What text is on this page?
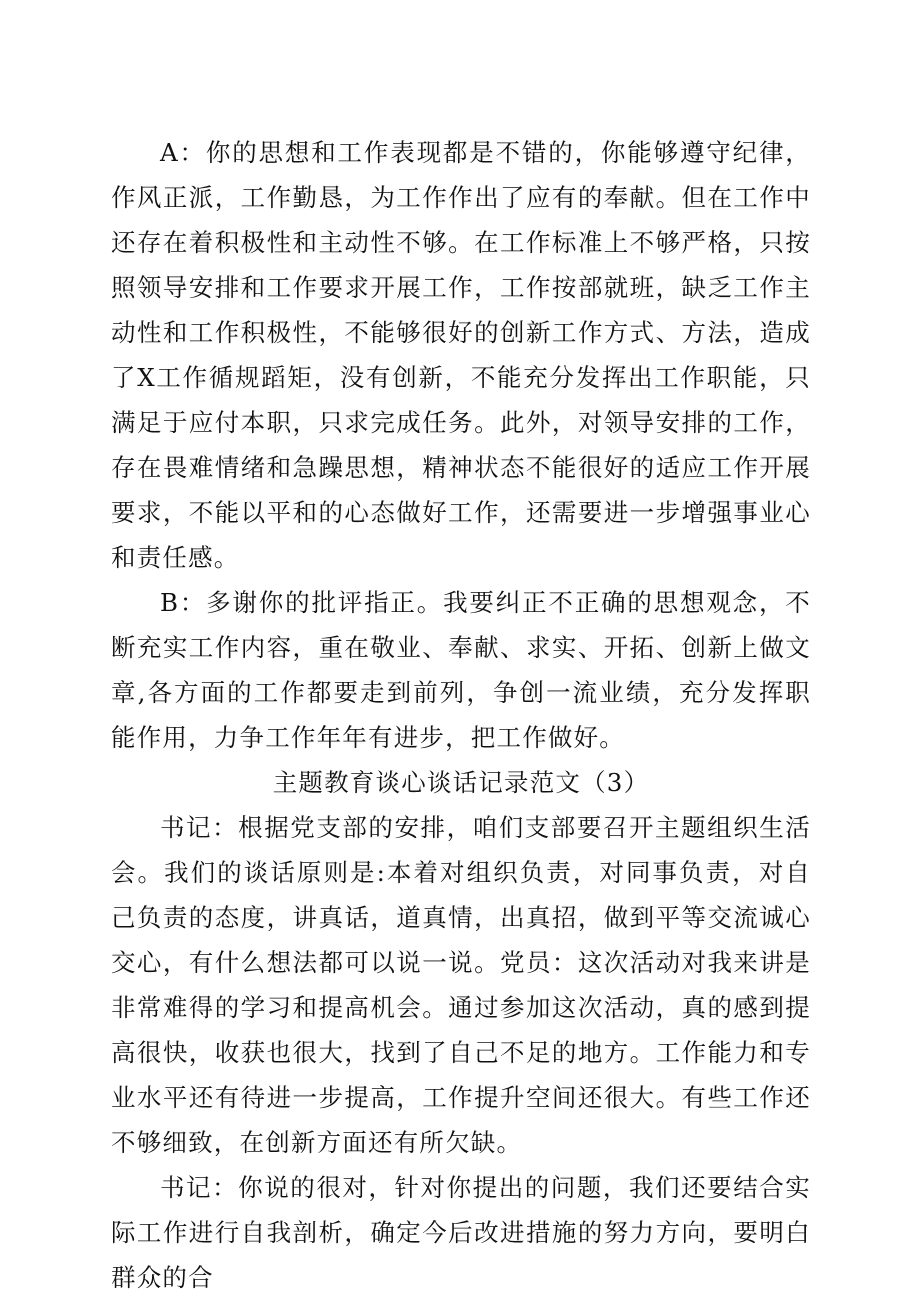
A：你的思想和工作表现都是不错的，你能够遵守纪律，作风正派，工作勤恳，为工作作出了应有的奉献。但在工作中还存在着积极性和主动性不够。在工作标准上不够严格，只按照领导安排和工作要求开展工作，工作按部就班，缺乏工作主动性和工作积极性，不能够很好的创新工作方式、方法，造成了X工作循规蹈矩，没有创新，不能充分发挥出工作职能，只满足于应付本职，只求完成任务。此外，对领导安排的工作，存在畏难情绪和急躁思想，精神状态不能很好的适应工作开展要求，不能以平和的心态做好工作，还需要进一步增强事业心和责任感。

B：多谢你的批评指正。我要纠正不正确的思想观念，不断充实工作内容，重在敬业、奉献、求实、开拓、创新上做文章,各方面的工作都要走到前列，争创一流业绩，充分发挥职能作用，力争工作年年有进步，把工作做好。

主题教育谈心谈话记录范文（3）

书记：根据党支部的安排，咱们支部要召开主题组织生活会。我们的谈话原则是:本着对组织负责，对同事负责，对自己负责的态度，讲真话，道真情，出真招，做到平等交流诚心交心，有什么想法都可以说一说。党员：这次活动对我来讲是非常难得的学习和提高机会。通过参加这次活动，真的感到提高很快，收获也很大，找到了自己不足的地方。工作能力和专业水平还有待进一步提高，工作提升空间还很大。有些工作还不够细致，在创新方面还有所欠缺。

书记：你说的很对，针对你提出的问题，我们还要结合实际工作进行自我剖析，确定今后改进措施的努力方向，要明白群众的合
